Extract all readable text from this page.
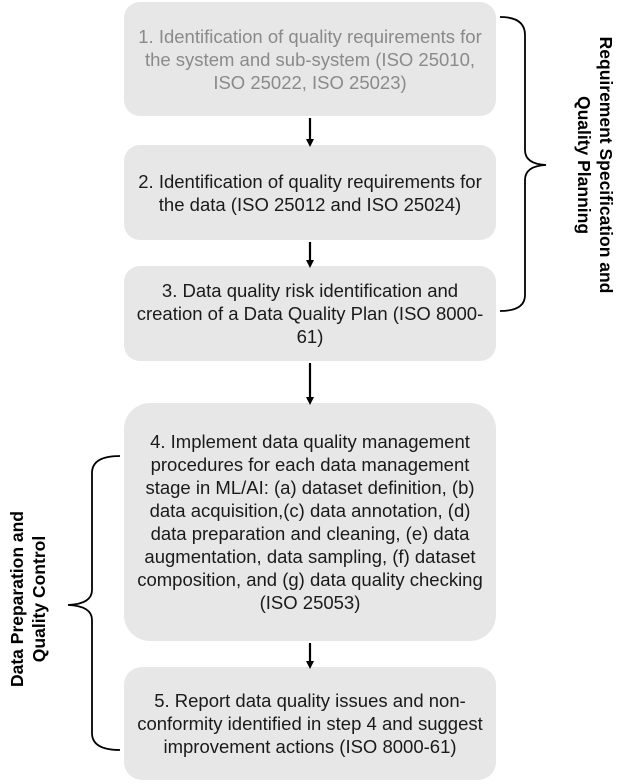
1. Identification of quality requirements for the system and sub-system (ISO 25010, ISO 25022, ISO 25023)
2. Identification of quality requirements for the data (ISO 25012 and ISO 25024)
3. Data quality risk identification and creation of a Data Quality Plan (ISO 8000-61)
4. Implement data quality management procedures for each data management stage in ML/AI: (a) dataset definition, (b) data acquisition,(c) data annotation, (d) data preparation and cleaning, (e) data augmentation, data sampling, (f) dataset composition, and (g) data quality checking (ISO 25053)
5. Report data quality issues and non-conformity identified in step 4 and suggest improvement actions (ISO 8000-61)
Requirement Specification and
Quality Planning
Data Preparation and Quality Control
